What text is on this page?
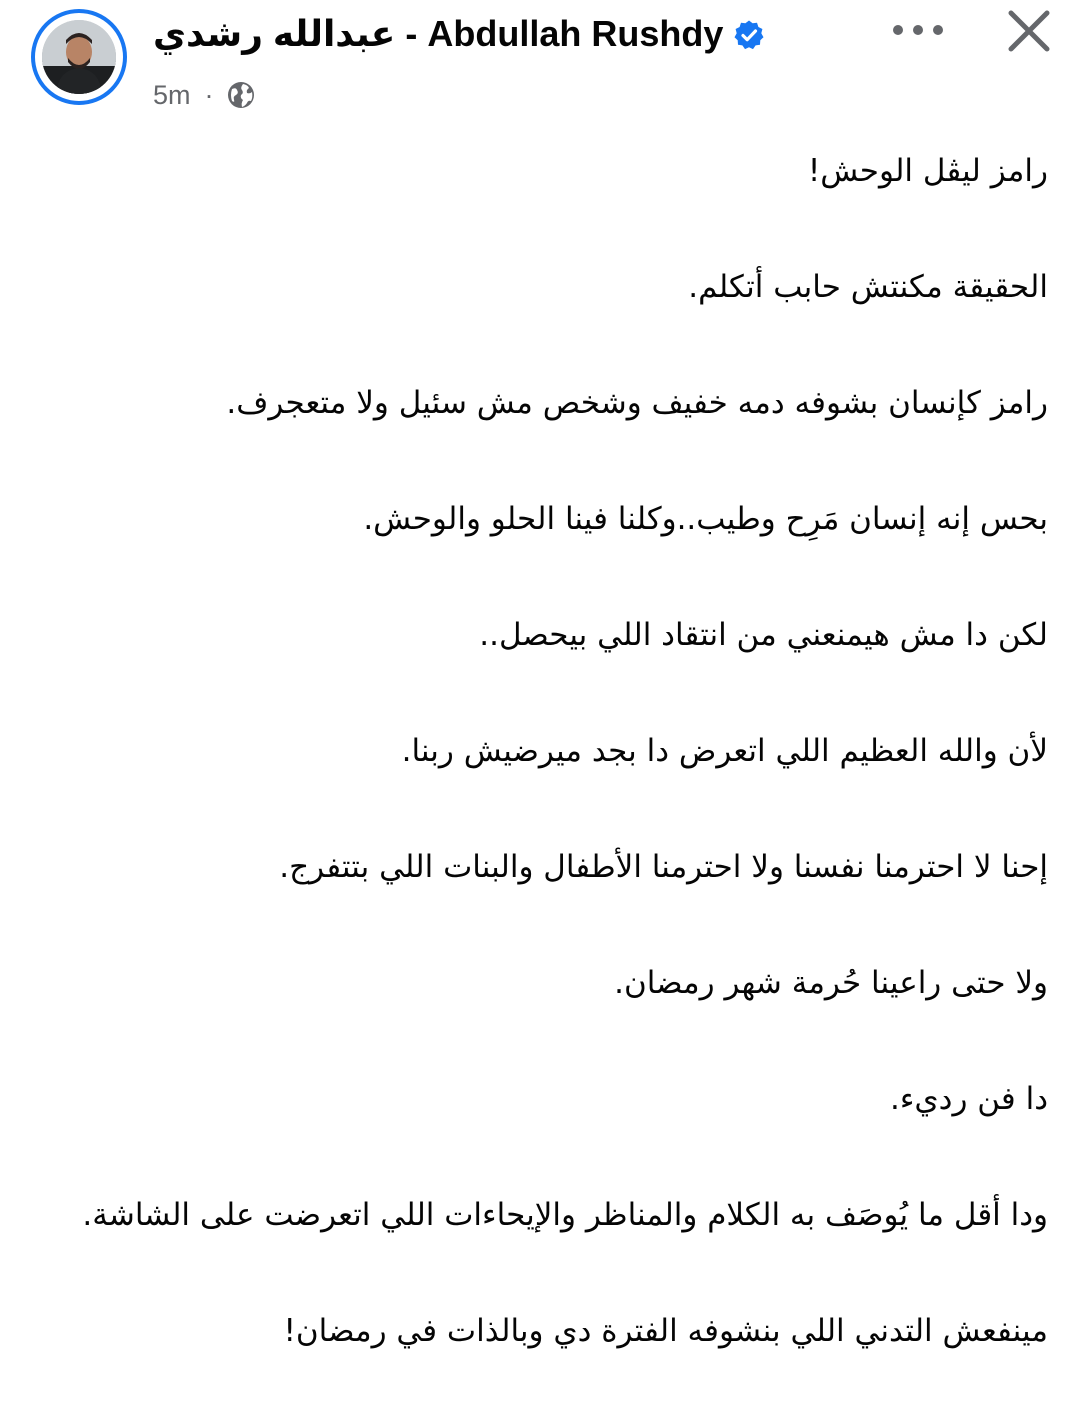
عبدالله رشدي - Abdullah Rushdy
5m ·
رامز ليڤل الوحش!
الحقيقة مكنتش حابب أتكلم.
رامز كإنسان بشوفه دمه خفيف وشخص مش سئيل ولا متعجرف.
بحس إنه إنسان مَرِح وطيب..وكلنا فينا الحلو والوحش.
لكن دا مش هيمنعني من انتقاد اللي بيحصل..
لأن والله العظيم اللي اتعرض دا بجد ميرضيش ربنا.
إحنا لا احترمنا نفسنا ولا احترمنا الأطفال والبنات اللي بتتفرج.
ولا حتى راعينا حُرمة شهر رمضان.
دا فن رديء.
ودا أقل ما يُوصَف به الكلام والمناظر والإيحاءات اللي اتعرضت على الشاشة.
مينفعش التدني اللي بنشوفه الفترة دي وبالذات في رمضان!
